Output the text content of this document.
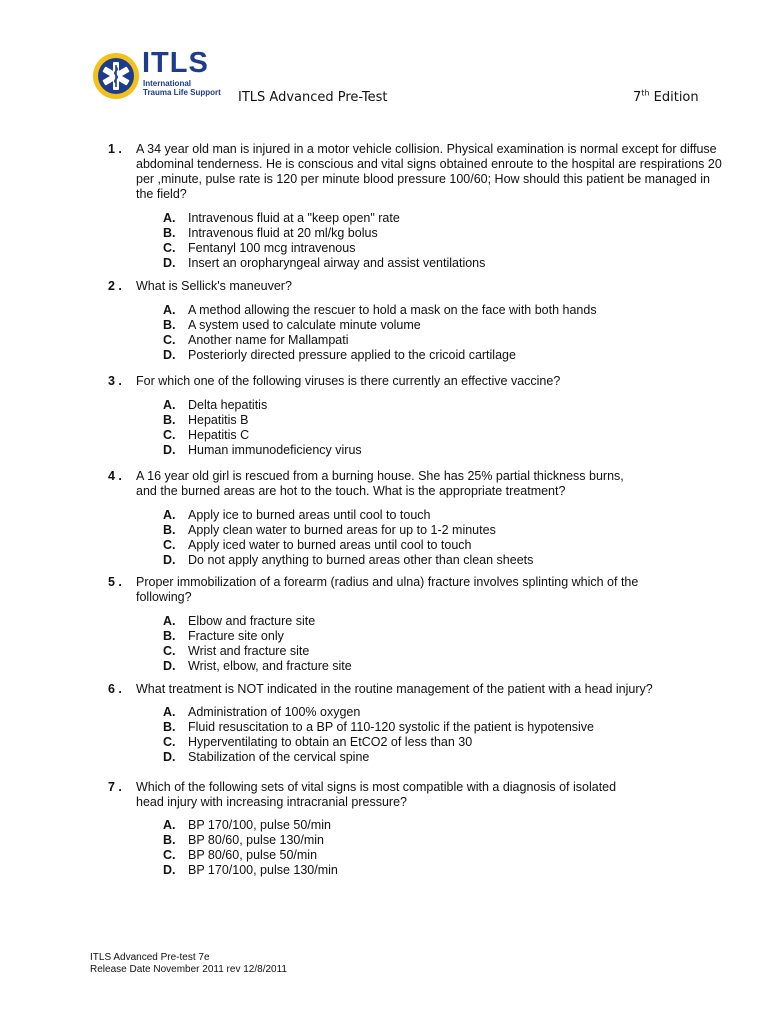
ITLS
International
Trauma Life Support ITLS Advanced Pre-Test	7th Edition
1 . A 34 year old man is injured in a motor vehicle collision. Physical examination is normal except for diffuse abdominal tenderness. He is conscious and vital signs obtained enroute to the hospital are respirations 20 per ,minute, pulse rate is 120 per minute blood pressure 100/60; How should this patient be managed in the field?
A. Intravenous fluid at a "keep open" rate
B. Intravenous fluid at 20 ml/kg bolus
C. Fentanyl 100 mcg intravenous
D. Insert an oropharyngeal airway and assist ventilations
2 . What is Sellick's maneuver?
A. A method allowing the rescuer to hold a mask on the face with both hands
B. A system used to calculate minute volume
C. Another name for Mallampati
D. Posteriorly directed pressure applied to the cricoid cartilage
3 . For which one of the following viruses is there currently an effective vaccine?
A. Delta hepatitis
B. Hepatitis B
C. Hepatitis C
D. Human immunodeficiency virus
4 . A 16 year old girl is rescued from a burning house. She has 25% partial thickness burns, and the burned areas are hot to the touch. What is the appropriate treatment?
A. Apply ice to burned areas until cool to touch
B. Apply clean water to burned areas for up to 1-2 minutes
C. Apply iced water to burned areas until cool to touch
D. Do not apply anything to burned areas other than clean sheets
5 . Proper immobilization of a forearm (radius and ulna) fracture involves splinting which of the following?
A. Elbow and fracture site
B. Fracture site only
C. Wrist and fracture site
D. Wrist, elbow, and fracture site
6 . What treatment is NOT indicated in the routine management of the patient with a head injury?
A. Administration of 100% oxygen
B. Fluid resuscitation to a BP of 110-120 systolic if the patient is hypotensive
C. Hyperventilating to obtain an EtCO2 of less than 30
D. Stabilization of the cervical spine
7 . Which of the following sets of vital signs is most compatible with a diagnosis of isolated head injury with increasing intracranial pressure?
A. BP 170/100, pulse 50/min
B. BP 80/60, pulse 130/min
C. BP 80/60, pulse 50/min
D. BP 170/100, pulse 130/min
ITLS Advanced Pre-test 7e
Release Date November 2011 rev 12/8/2011
